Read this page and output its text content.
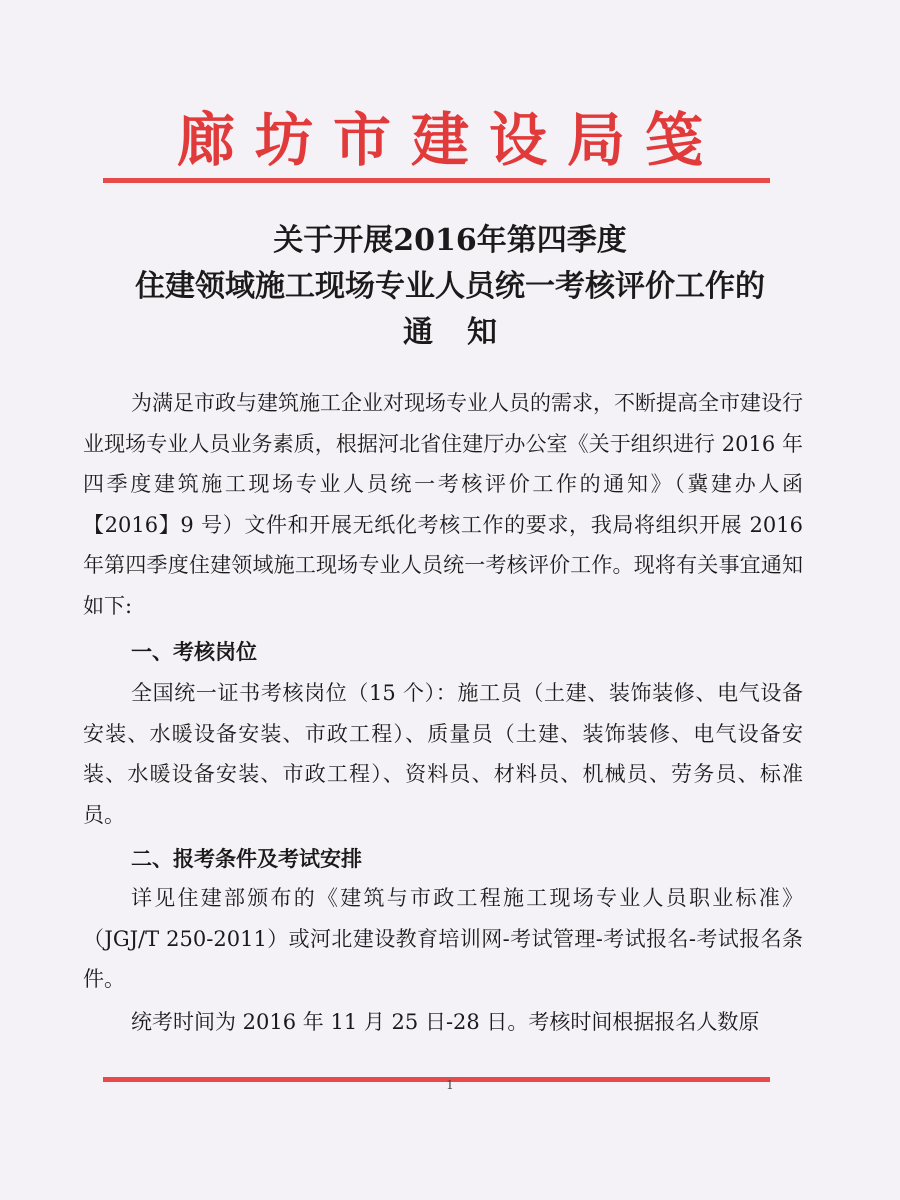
廊坊市建设局笺
关于开展2016年第四季度
住建领域施工现场专业人员统一考核评价工作的
通知
为满足市政与建筑施工企业对现场专业人员的需求，不断提高全市建设行业现场专业人员业务素质，根据河北省住建厅办公室《关于组织进行 2016 年四季度建筑施工现场专业人员统一考核评价工作的通知》（冀建办人函【2016】9 号）文件和开展无纸化考核工作的要求，我局将组织开展 2016 年第四季度住建领域施工现场专业人员统一考核评价工作。现将有关事宜通知如下:
一、考核岗位
全国统一证书考核岗位（15 个）：施工员（土建、装饰装修、电气设备安装、水暖设备安装、市政工程）、质量员（土建、装饰装修、电气设备安装、水暖设备安装、市政工程）、资料员、材料员、机械员、劳务员、标准员。
二、报考条件及考试安排
详见住建部颁布的《建筑与市政工程施工现场专业人员职业标准》（JGJ/T 250-2011）或河北建设教育培训网-考试管理-考试报名-考试报名条件。
统考时间为 2016 年 11 月 25 日-28 日。考核时间根据报名人数原
1
